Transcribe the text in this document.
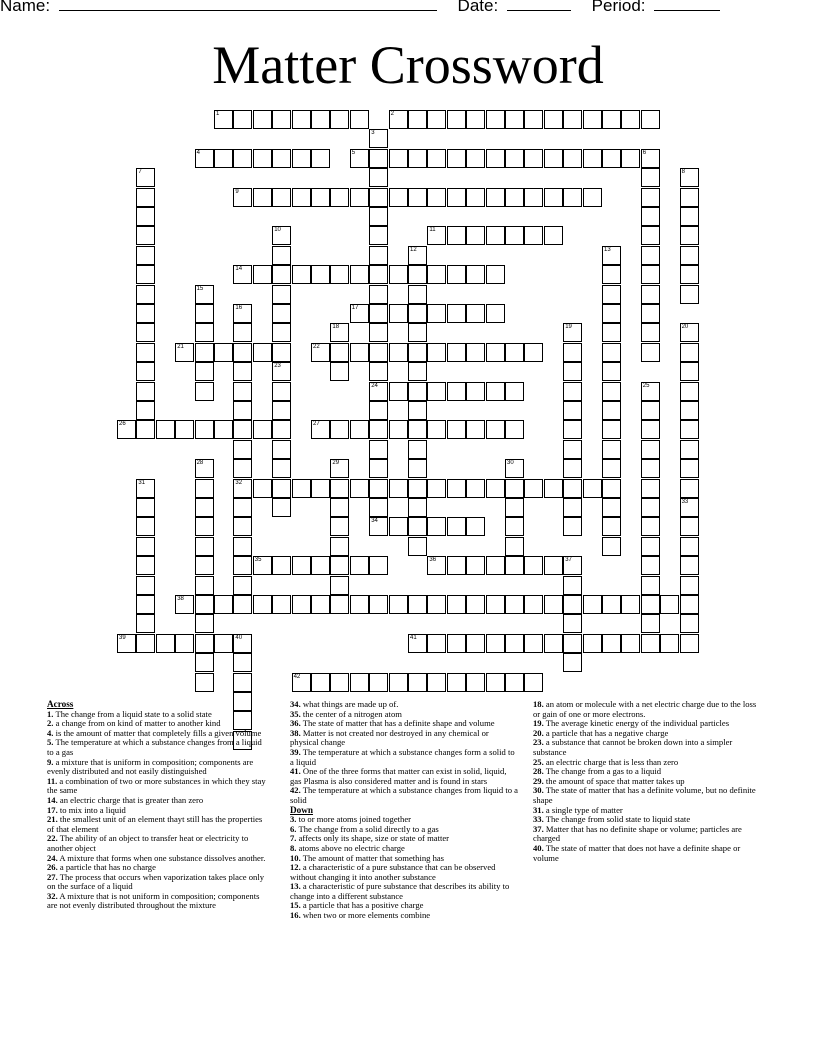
Name:	Date:	Period:
Matter Crossword
1	2
3
24
34
4	5	6
7	8
9
10
23
11
12	13
14
15
16
32
17
18	19	20
33
21	22
25
26	27
28	29	30
31
35	36	37
38
39	40	41
42
Across
1. The change from a liquid state to a solid state
2. a change from on kind of matter to another kind
4. is the amount of matter that completely fills a given volume
5. The temperature at which a substance changes from a liquid to a gas
9. a mixture that is uniform in composition; components are evenly distributed and not easily distinguished
11. a combination of two or more substances in which they stay the same
14. an electric charge that is greater than zero
17. to mix into a liquid
21. the smallest unit of an element thayt still has the properties of that element
22. The ability of an object to transfer heat or electricity to another object
24. A mixture that forms when one substance dissolves another.
26. a particle that has no charge
27. The process that occurs when vaporization takes place only on the surface of a liquid
32. A mixture that is not uniform in composition; components are not evenly distributed throughout the mixture
34. what things are made up of.
35. the center of a nitrogen atom
36. The state of matter that has a definite shape and volume
38. Matter is not created nor destroyed in any chemical or physical change
39. The temperature at which a substance changes form a solid to a liquid
41. One of the three forms that matter can exist in solid, liquid, gas Plasma is also considered matter and is found in stars
42. The temperature at which a substance changes from liquid to a solid
Down
3. to or more atoms joined together
6. The change from a solid directly to a gas
7. affects only its shape, size or state of matter
8. atoms above no electric charge
10. The amount of matter that something has
12. a characteristic of a pure substance that can be observed without changing it into another substance
13. a characteristic of pure substance that describes its ability to change into a different substance
15. a particle that has a positive charge
16. when two or more elements combine
18. an atom or molecule with a net electric charge due to the loss or gain of one or more electrons.
19. The average kinetic energy of the individual particles
20. a particle that has a negative charge
23. a substance that cannot be broken down into a simpler substance
25. an electric charge that is less than zero
28. The change from a gas to a liquid
29. the amount of space that matter takes up
30. The state of matter that has a definite volume, but no definite shape
31. a single type of matter
33. The change from solid state to liquid state
37. Matter that has no definite shape or volume; particles are charged
40. The state of matter that does not have a definite shape or volume
